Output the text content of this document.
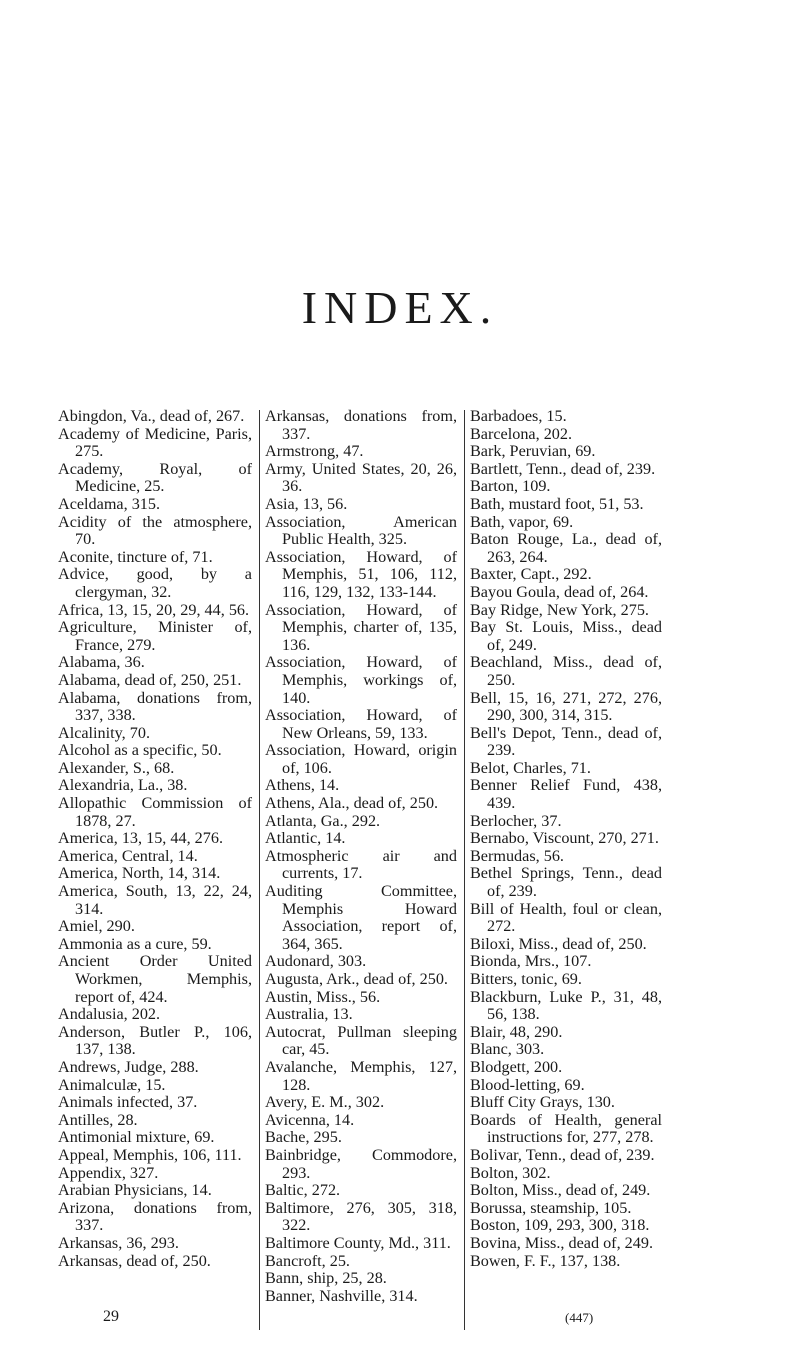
INDEX.

Abingdon, Va., dead of, 267.

Academy of Medicine, Paris, 275.

Academy, Royal, of Medicine, 25.

Aceldama, 315.

Acidity of the atmosphere, 70.

Aconite, tincture of, 71.

Advice, good, by a clergyman, 32.

Africa, 13, 15, 20, 29, 44, 56.

Agriculture, Minister of, France, 279.

Alabama, 36.

Alabama, dead of, 250, 251.

Alabama, donations from, 337, 338.

Alcalinity, 70.

Alcohol as a specific, 50.

Alexander, S., 68.

Alexandria, La., 38.

Allopathic Commission of 1878, 27.

America, 13, 15, 44, 276.

America, Central, 14.

America, North, 14, 314.

America, South, 13, 22, 24, 314.

Amiel, 290.

Ammonia as a cure, 59.

Ancient Order United Workmen, Memphis, report of, 424.

Andalusia, 202.

Anderson, Butler P., 106, 137, 138.

Andrews, Judge, 288.

Animalculæ, 15.

Animals infected, 37.

Antilles, 28.

Antimonial mixture, 69.

Appeal, Memphis, 106, 111.

Appendix, 327.

Arabian Physicians, 14.

Arizona, donations from, 337.

Arkansas, 36, 293.

Arkansas, dead of, 250.

Arkansas, donations from, 337.

Armstrong, 47.

Army, United States, 20, 26, 36.

Asia, 13, 56.

Association, American Public Health, 325.

Association, Howard, of Memphis, 51, 106, 112, 116, 129, 132, 133-144.

Association, Howard, of Memphis, charter of, 135, 136.

Association, Howard, of Memphis, workings of, 140.

Association, Howard, of New Orleans, 59, 133.

Association, Howard, origin of, 106.

Athens, 14.

Athens, Ala., dead of, 250.

Atlanta, Ga., 292.

Atlantic, 14.

Atmospheric air and currents, 17.

Auditing Committee, Memphis Howard Association, report of, 364, 365.

Audonard, 303.

Augusta, Ark., dead of, 250.

Austin, Miss., 56.

Australia, 13.

Autocrat, Pullman sleeping car, 45.

Avalanche, Memphis, 127, 128.

Avery, E. M., 302.

Avicenna, 14.

Bache, 295.

Bainbridge, Commodore, 293.

Baltic, 272.

Baltimore, 276, 305, 318, 322.

Baltimore County, Md., 311.

Bancroft, 25.

Bann, ship, 25, 28.

Banner, Nashville, 314.

Barbadoes, 15.

Barcelona, 202.

Bark, Peruvian, 69.

Bartlett, Tenn., dead of, 239.

Barton, 109.

Bath, mustard foot, 51, 53.

Bath, vapor, 69.

Baton Rouge, La., dead of, 263, 264.

Baxter, Capt., 292.

Bayou Goula, dead of, 264.

Bay Ridge, New York, 275.

Bay St. Louis, Miss., dead of, 249.

Beachland, Miss., dead of, 250.

Bell, 15, 16, 271, 272, 276, 290, 300, 314, 315.

Bell's Depot, Tenn., dead of, 239.

Belot, Charles, 71.

Benner Relief Fund, 438, 439.

Berlocher, 37.

Bernabo, Viscount, 270, 271.

Bermudas, 56.

Bethel Springs, Tenn., dead of, 239.

Bill of Health, foul or clean, 272.

Biloxi, Miss., dead of, 250.

Bionda, Mrs., 107.

Bitters, tonic, 69.

Blackburn, Luke P., 31, 48, 56, 138.

Blair, 48, 290.

Blanc, 303.

Blodgett, 200.

Blood-letting, 69.

Bluff City Grays, 130.

Boards of Health, general instructions for, 277, 278.

Bolivar, Tenn., dead of, 239.

Bolton, 302.

Bolton, Miss., dead of, 249.

Borussa, steamship, 105.

Boston, 109, 293, 300, 318.

Bovina, Miss., dead of, 249.

Bowen, F. F., 137, 138.

29	(447)
